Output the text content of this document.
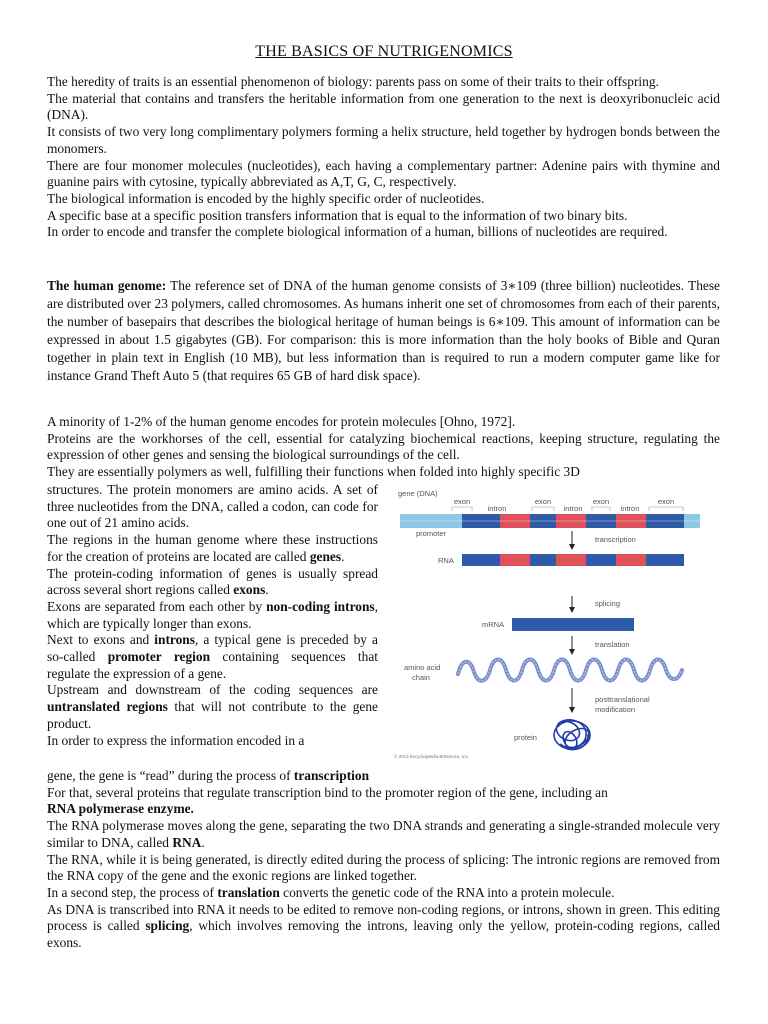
THE BASICS OF NUTRIGENOMICS

The heredity of traits is an essential phenomenon of biology: parents pass on some of their traits to their offspring.

The material that contains and transfers the heritable information from one generation to the next is deoxyribonucleic acid (DNA).

It consists of two very long complimentary polymers forming a helix structure, held together by hydrogen bonds between the monomers.

There are four monomer molecules (nucleotides), each having a complementary partner: Adenine pairs with thymine and guanine pairs with cytosine, typically abbreviated as A,T, G, C, respectively.

The biological information is encoded by the highly specific order of nucleotides.

A specific base at a specific position transfers information that is equal to the information of two binary bits.

In order to encode and transfer the complete biological information of a human, billions of nucleotides are required.

The human genome: The reference set of DNA of the human genome consists of 3∗109 (three billion) nucleotides. These are distributed over 23 polymers, called chromosomes. As humans inherit one set of chromosomes from each of their parents, the number of basepairs that describes the biological heritage of human beings is 6∗109. This amount of information can be expressed in about 1.5 gigabytes (GB). For comparison: this is more information than the holy books of Bible and Quran together in plain text in English (10 MB), but less information than is required to run a modern computer game like for instance Grand Theft Auto 5 (that requires 65 GB of hard disk space).

A minority of 1-2% of the human genome encodes for protein molecules [Ohno, 1972].

Proteins are the workhorses of the cell, essential for catalyzing biochemical reactions, keeping structure, regulating the expression of other genes and sensing the biological surroundings of the cell.

They are essentially polymers as well, fulfilling their functions when folded into highly specific 3D

structures. The protein monomers are amino acids. A set of three nucleotides from the DNA, called a codon, can code for one out of 21 amino acids.

The regions in the human genome where these instructions for the creation of proteins are located are called genes.

The protein-coding information of genes is usually spread across several short regions called exons.

Exons are separated from each other by non-coding introns, which are typically longer than exons.

Next to exons and introns, a typical gene is preceded by a so-called promoter region containing sequences that regulate the expression of a gene.

Upstream and downstream of the coding sequences are untranslated regions that will not contribute to the gene product.

In order to express the information encoded in a

gene (DNA)
exon
intron
exon
intron
exon
intron
exon
promoter
transcription
RNA
splicing
mRNA
translation
amino acid
chain
posttranslational
modification
protein
© 2013 Encyclopædia Britannica, Inc.

gene, the gene is “read” during the process of transcription

For that, several proteins that regulate transcription bind to the promoter region of the gene, including an
RNA polymerase enzyme.

The RNA polymerase moves along the gene, separating the two DNA strands and generating a single-stranded molecule very similar to DNA, called RNA.

The RNA, while it is being generated, is directly edited during the process of splicing: The intronic regions are removed from the RNA copy of the gene and the exonic regions are linked together.

In a second step, the process of translation converts the genetic code of the RNA into a protein molecule.

As DNA is transcribed into RNA it needs to be edited to remove non-coding regions, or introns, shown in green. This editing process is called splicing, which involves removing the introns, leaving only the yellow, protein-coding regions, called exons.
